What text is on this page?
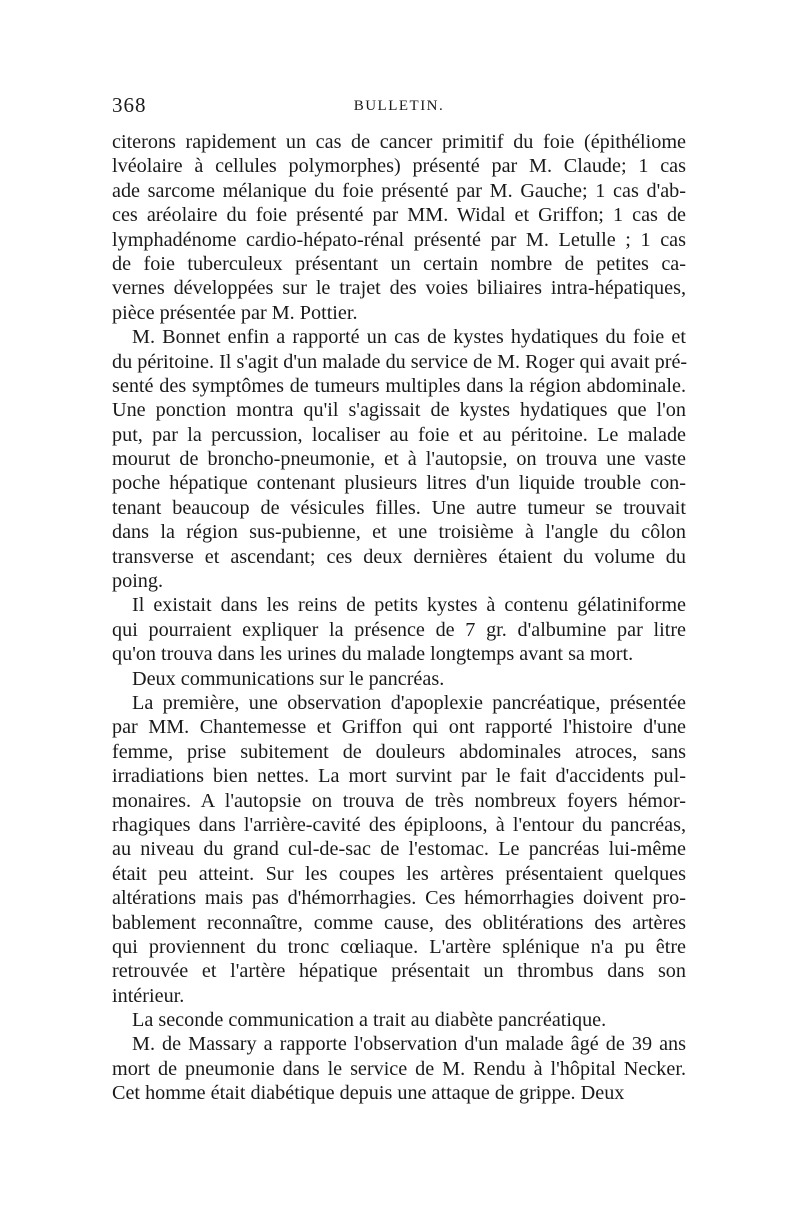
368	BULLETIN.
citerons rapidement un cas de cancer primitif du foie (épithéliome
lvéolaire à cellules polymorphes) présenté par M. Claude; 1 cas
ade sarcome mélanique du foie présenté par M. Gauche; 1 cas d'ab-
ces aréolaire du foie présenté par MM. Widal et Griffon; 1 cas de
lymphadénome cardio-hépato-rénal présenté par M. Letulle ; 1 cas
de foie tuberculeux présentant un certain nombre de petites ca-
vernes développées sur le trajet des voies biliaires intra-hépatiques,
pièce présentée par M. Pottier.
M. Bonnet enfin a rapporté un cas de kystes hydatiques du foie et
du péritoine. Il s'agit d'un malade du service de M. Roger qui avait pré-
senté des symptômes de tumeurs multiples dans la région abdominale.
Une ponction montra qu'il s'agissait de kystes hydatiques que l'on
put, par la percussion, localiser au foie et au péritoine. Le malade
mourut de broncho-pneumonie, et à l'autopsie, on trouva une vaste
poche hépatique contenant plusieurs litres d'un liquide trouble con-
tenant beaucoup de vésicules filles. Une autre tumeur se trouvait
dans la région sus-pubienne, et une troisième à l'angle du côlon
transverse et ascendant; ces deux dernières étaient du volume du
poing.
Il existait dans les reins de petits kystes à contenu gélatiniforme
qui pourraient expliquer la présence de 7 gr. d'albumine par litre
qu'on trouva dans les urines du malade longtemps avant sa mort.
Deux communications sur le pancréas.
La première, une observation d'apoplexie pancréatique, présentée
par MM. Chantemesse et Griffon qui ont rapporté l'histoire d'une
femme, prise subitement de douleurs abdominales atroces, sans
irradiations bien nettes. La mort survint par le fait d'accidents pul-
monaires. A l'autopsie on trouva de très nombreux foyers hémor-
rhagiques dans l'arrière-cavité des épiploons, à l'entour du pancréas,
au niveau du grand cul-de-sac de l'estomac. Le pancréas lui-même
était peu atteint. Sur les coupes les artères présentaient quelques
altérations mais pas d'hémorrhagies. Ces hémorrhagies doivent pro-
bablement reconnaître, comme cause, des oblitérations des artères
qui proviennent du tronc cœliaque. L'artère splénique n'a pu être
retrouvée et l'artère hépatique présentait un thrombus dans son
intérieur.
La seconde communication a trait au diabète pancréatique.
M. de Massary a rapporte l'observation d'un malade âgé de 39 ans
mort de pneumonie dans le service de M. Rendu à l'hôpital Necker.
Cet homme était diabétique depuis une attaque de grippe. Deux
